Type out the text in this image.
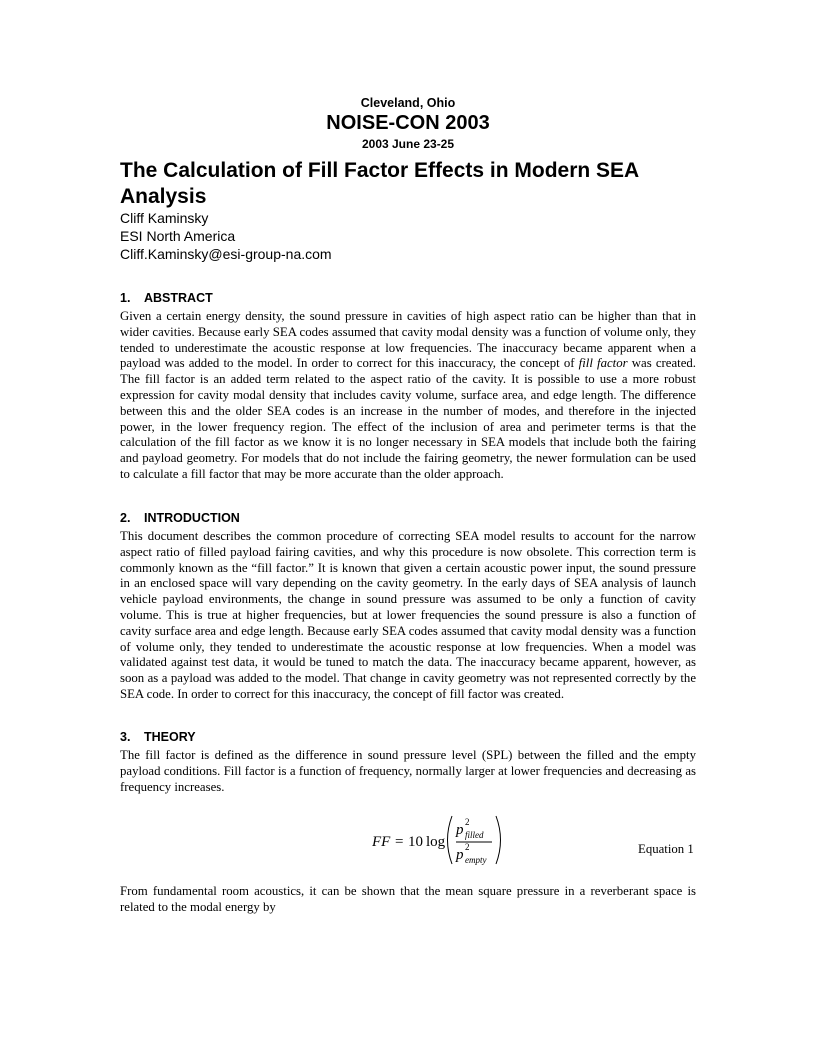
Cleveland, Ohio
NOISE-CON 2003
2003 June 23-25
The Calculation of Fill Factor Effects in Modern SEA Analysis
Cliff Kaminsky
ESI North America
Cliff.Kaminsky@esi-group-na.com
1. ABSTRACT
Given a certain energy density, the sound pressure in cavities of high aspect ratio can be higher than that in wider cavities. Because early SEA codes assumed that cavity modal density was a function of volume only, they tended to underestimate the acoustic response at low frequencies. The inaccuracy became apparent when a payload was added to the model. In order to correct for this inaccuracy, the concept of fill factor was created. The fill factor is an added term related to the aspect ratio of the cavity. It is possible to use a more robust expression for cavity modal density that includes cavity volume, surface area, and edge length. The difference between this and the older SEA codes is an increase in the number of modes, and therefore in the injected power, in the lower frequency region. The effect of the inclusion of area and perimeter terms is that the calculation of the fill factor as we know it is no longer necessary in SEA models that include both the fairing and payload geometry. For models that do not include the fairing geometry, the newer formulation can be used to calculate a fill factor that may be more accurate than the older approach.
2. INTRODUCTION
This document describes the common procedure of correcting SEA model results to account for the narrow aspect ratio of filled payload fairing cavities, and why this procedure is now obsolete. This correction term is commonly known as the “fill factor.” It is known that given a certain acoustic power input, the sound pressure in an enclosed space will vary depending on the cavity geometry. In the early days of SEA analysis of launch vehicle payload environments, the change in sound pressure was assumed to be only a function of cavity volume. This is true at higher frequencies, but at lower frequencies the sound pressure is also a function of cavity surface area and edge length. Because early SEA codes assumed that cavity modal density was a function of volume only, they tended to underestimate the acoustic response at low frequencies. When a model was validated against test data, it would be tuned to match the data. The inaccuracy became apparent, however, as soon as a payload was added to the model. That change in cavity geometry was not represented correctly by the SEA code. In order to correct for this inaccuracy, the concept of fill factor was created.
3. THEORY
The fill factor is defined as the difference in sound pressure level (SPL) between the filled and the empty payload conditions. Fill factor is a function of frequency, normally larger at lower frequencies and decreasing as frequency increases.
FF = 10 log
p 2
filled
p 2
empty
Equation 1
From fundamental room acoustics, it can be shown that the mean square pressure in a reverberant space is related to the modal energy by
